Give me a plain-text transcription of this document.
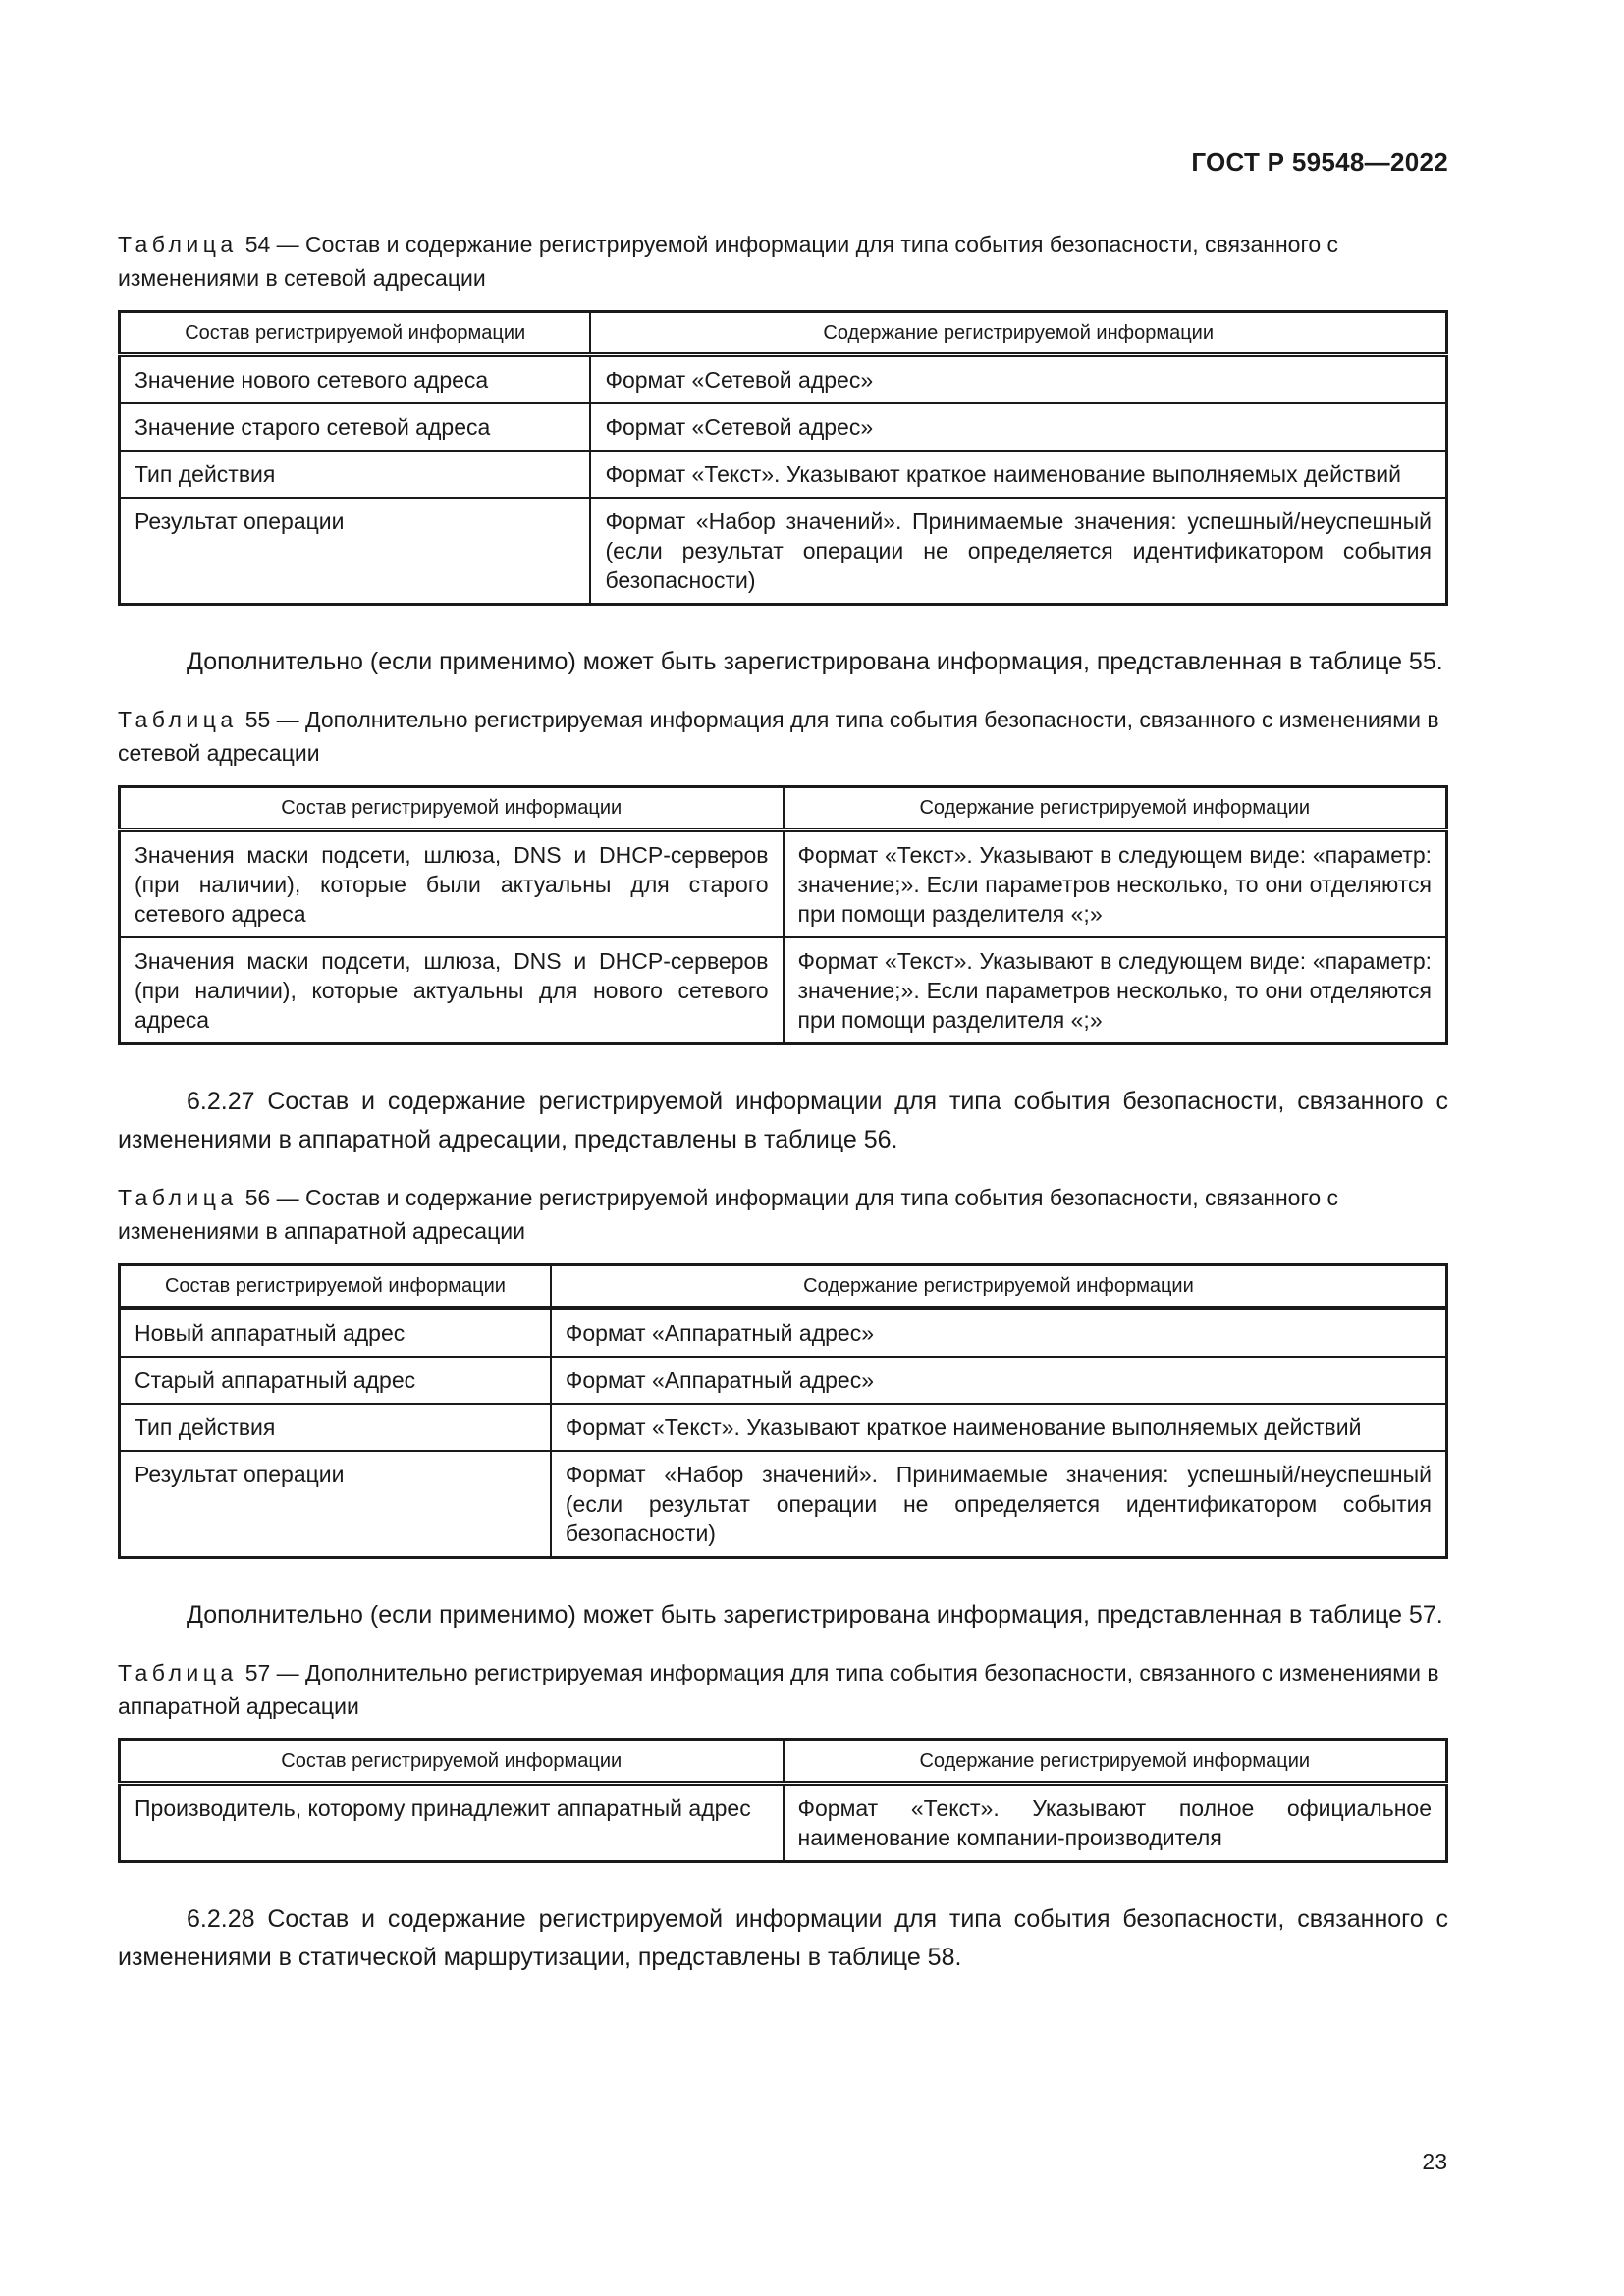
ГОСТ Р 59548—2022

Таблица 54 — Состав и содержание регистрируемой информации для типа события безопасности, связанного с изменениями в сетевой адресации

Состав регистрируемой информации	Содержание регистрируемой информации
Значение нового сетевого адреса	Формат «Сетевой адрес»
Значение старого сетевой адреса	Формат «Сетевой адрес»
Тип действия	Формат «Текст». Указывают краткое наименование выполняемых действий
Результат операции	Формат «Набор значений». Принимаемые значения: успешный/неуспешный (если результат операции не определяется идентификатором события безопасности)

Дополнительно (если применимо) может быть зарегистрирована информация, представленная в таблице 55.

Таблица 55 — Дополнительно регистрируемая информация для типа события безопасности, связанного с изменениями в сетевой адресации

Состав регистрируемой информации	Содержание регистрируемой информации
Значения маски подсети, шлюза, DNS и DHCP-серверов (при наличии), которые были актуальны для старого сетевого адреса	Формат «Текст». Указывают в следующем виде: «параметр: значение;». Если параметров несколько, то они отделяются при помощи разделителя «;»
Значения маски подсети, шлюза, DNS и DHCP-серверов (при наличии), которые актуальны для нового сетевого адреса	Формат «Текст». Указывают в следующем виде: «параметр: значение;». Если параметров несколько, то они отделяются при помощи разделителя «;»

6.2.27 Состав и содержание регистрируемой информации для типа события безопасности, связанного с изменениями в аппаратной адресации, представлены в таблице 56.

Таблица 56 — Состав и содержание регистрируемой информации для типа события безопасности, связанного с изменениями в аппаратной адресации

Состав регистрируемой информации	Содержание регистрируемой информации
Новый аппаратный адрес	Формат «Аппаратный адрес»
Старый аппаратный адрес	Формат «Аппаратный адрес»
Тип действия	Формат «Текст». Указывают краткое наименование выполняемых действий
Результат операции	Формат «Набор значений». Принимаемые значения: успешный/неуспешный (если результат операции не определяется идентификатором события безопасности)

Дополнительно (если применимо) может быть зарегистрирована информация, представленная в таблице 57.

Таблица 57 — Дополнительно регистрируемая информация для типа события безопасности, связанного с изменениями в аппаратной адресации

Состав регистрируемой информации	Содержание регистрируемой информации
Производитель, которому принадлежит аппаратный адрес	Формат «Текст». Указывают полное официальное наименование компании-производителя

6.2.28 Состав и содержание регистрируемой информации для типа события безопасности, связанного с изменениями в статической маршрутизации, представлены в таблице 58.

23
